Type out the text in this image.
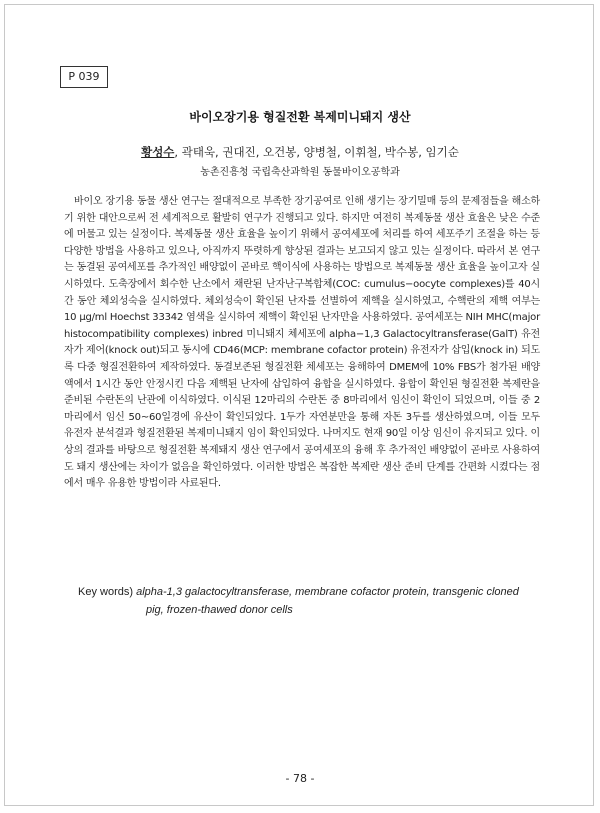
P 039
바이오장기용 형질전환 복제미니돼지 생산
황성수, 곽태욱, 권대진, 오건봉, 양병철, 이휘철, 박수봉, 임기순
농촌진흥청 국립축산과학원 동물바이오공학과

바이오 장기용 동물 생산 연구는 절대적으로 부족한 장기공여로 인해 생기는 장기밀매 등의 문제점들을 해소하기 위한 대안으로써 전 세계적으로 활발히 연구가 진행되고 있다. 하지만 여전히 복제동물 생산 효율은 낮은 수준에 머물고 있는 실정이다. 복제동물 생산 효율을 높이기 위해서 공여세포에 처리를 하여 세포주기 조절을 하는 등 다양한 방법을 사용하고 있으나, 아직까지 뚜렷하게 향상된 결과는 보고되지 않고 있는 실정이다. 따라서 본 연구는 동결된 공여세포를 추가적인 배양없이 곧바로 핵이식에 사용하는 방법으로 복제동물 생산 효율을 높이고자 실시하였다. 도축장에서 회수한 난소에서 채란된 난자난구복합체(COC: cumulus−oocyte complexes)를 40시간 동안 체외성숙을 실시하였다. 체외성숙이 확인된 난자를 선별하여 제핵을 실시하였고, 수핵란의 제핵 여부는 10 μg/ml Hoechst 33342 염색을 실시하여 제핵이 확인된 난자만을 사용하였다. 공여세포는 NIH MHC(major histocompatibility complexes) inbred 미니돼지 체세포에 alpha−1,3 Galactocyltransferase(GalT) 유전자가 제어(knock out)되고 동시에 CD46(MCP: membrane cofactor protein) 유전자가 삽입(knock in) 되도록 다중 형질전환하여 제작하였다. 동결보존된 형질전환 체세포는 융해하여 DMEM에 10% FBS가 첨가된 배양액에서 1시간 동안 안정시킨 다음 제핵된 난자에 삽입하여 융합을 실시하였다. 융합이 확인된 형질전환 복제란을 준비된 수란돈의 난관에 이식하였다. 이식된 12마리의 수란돈 중 8마리에서 임신이 확인이 되었으며, 이들 중 2마리에서 임신 50~60일경에 유산이 확인되었다. 1두가 자연분만을 통해 자돈 3두를 생산하였으며, 이들 모두 유전자 분석결과 형질전환된 복제미니돼지 임이 확인되었다. 나머지도 현재 90일 이상 임신이 유지되고 있다. 이상의 결과를 바탕으로 형질전환 복제돼지 생산 연구에서 공여세포의 융해 후 추가적인 배양없이 곧바로 사용하여도 돼지 생산에는 차이가 없음을 확인하였다. 이러한 방법은 복잡한 복제란 생산 준비 단계를 간편화 시켰다는 점에서 매우 유용한 방법이라 사료된다.

Key words) alpha-1,3 galactocyltransferase, membrane cofactor protein, transgenic cloned
pig, frozen-thawed donor cells
- 78 -
